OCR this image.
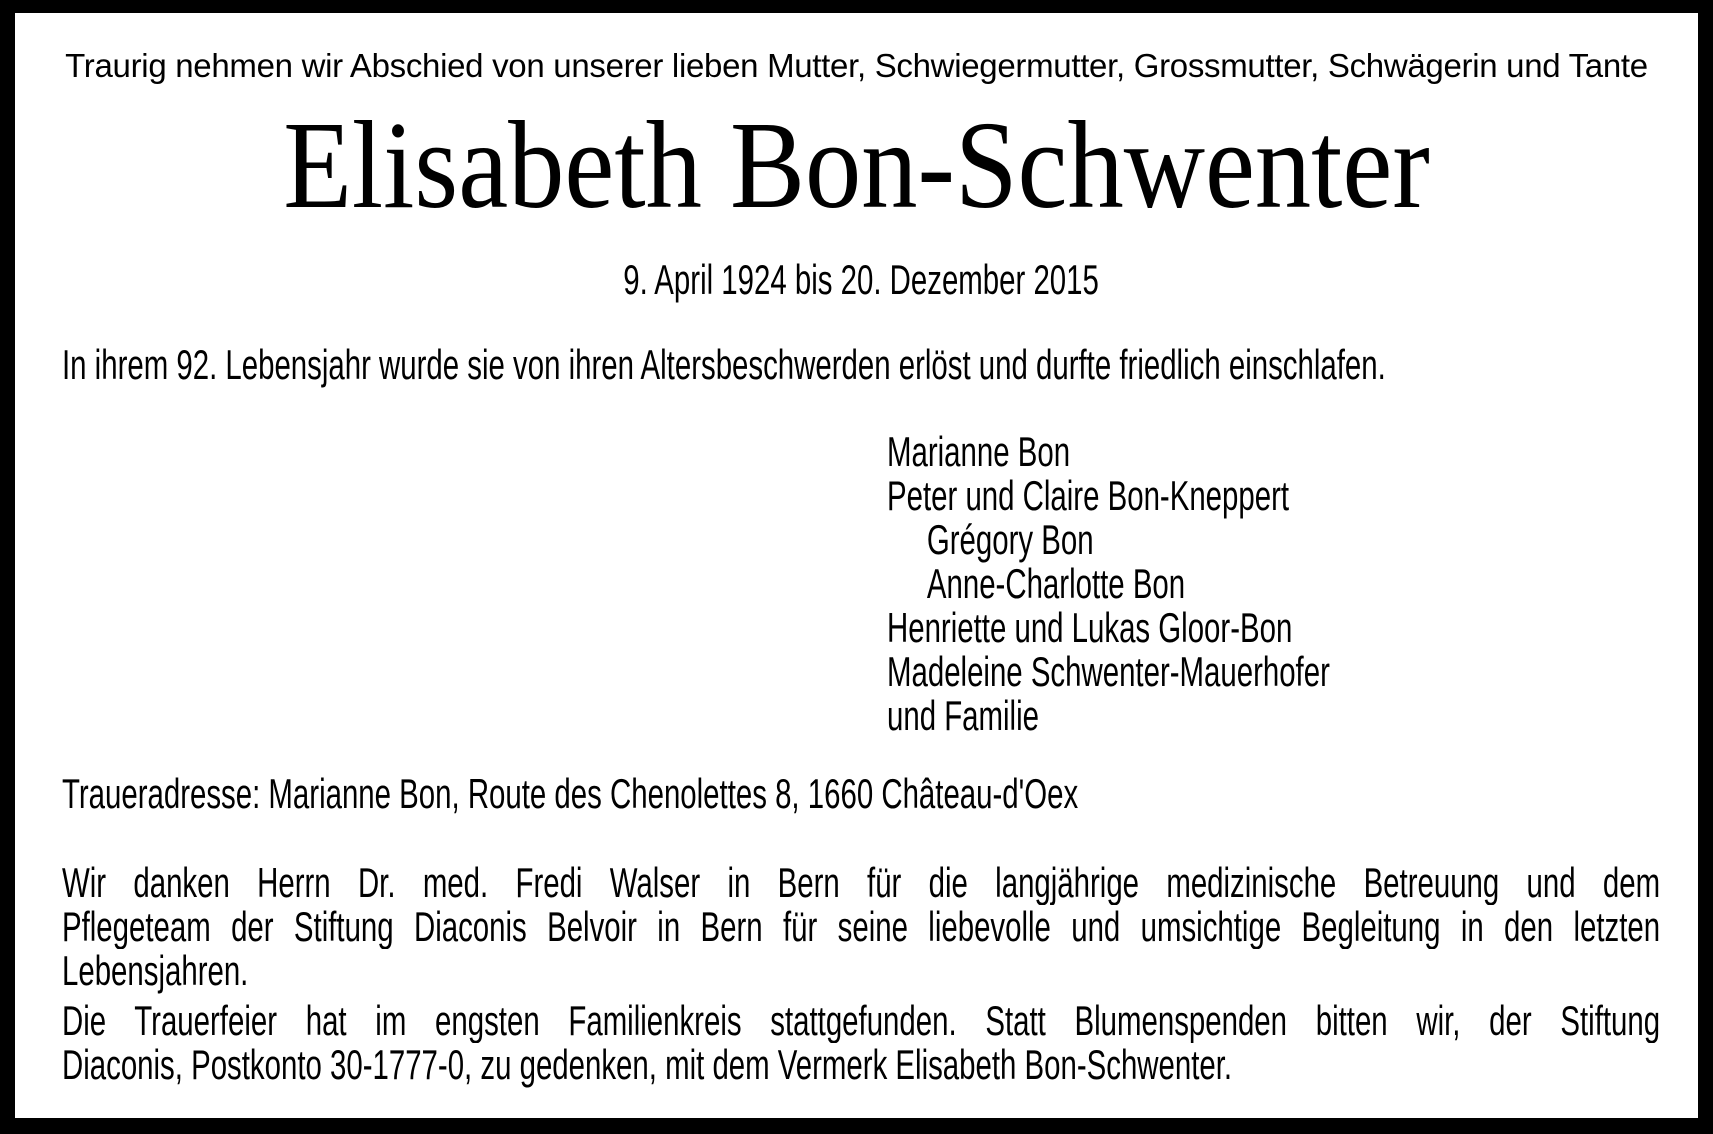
Traurig nehmen wir Abschied von unserer lieben Mutter, Schwiegermutter, Grossmutter, Schwägerin und Tante
Elisabeth Bon-Schwenter
9. April 1924 bis 20. Dezember 2015
In ihrem 92. Lebensjahr wurde sie von ihren Altersbeschwerden erlöst und durfte friedlich einschlafen.
Marianne Bon
Peter und Claire Bon-Kneppert
Grégory Bon
Anne-Charlotte Bon
Henriette und Lukas Gloor-Bon
Madeleine Schwenter-Mauerhofer
und Familie
Traueradresse: Marianne Bon, Route des Chenolettes 8, 1660 Château-d'Oex
Wir danken Herrn Dr. med. Fredi Walser in Bern für die langjährige medizinische Betreuung und dem
Pflegeteam der Stiftung Diaconis Belvoir in Bern für seine liebevolle und umsichtige Begleitung in den letzten
Lebensjahren.
Die Trauerfeier hat im engsten Familienkreis stattgefunden. Statt Blumenspenden bitten wir, der Stiftung
Diaconis, Postkonto 30-1777-0, zu gedenken, mit dem Vermerk Elisabeth Bon-Schwenter.
